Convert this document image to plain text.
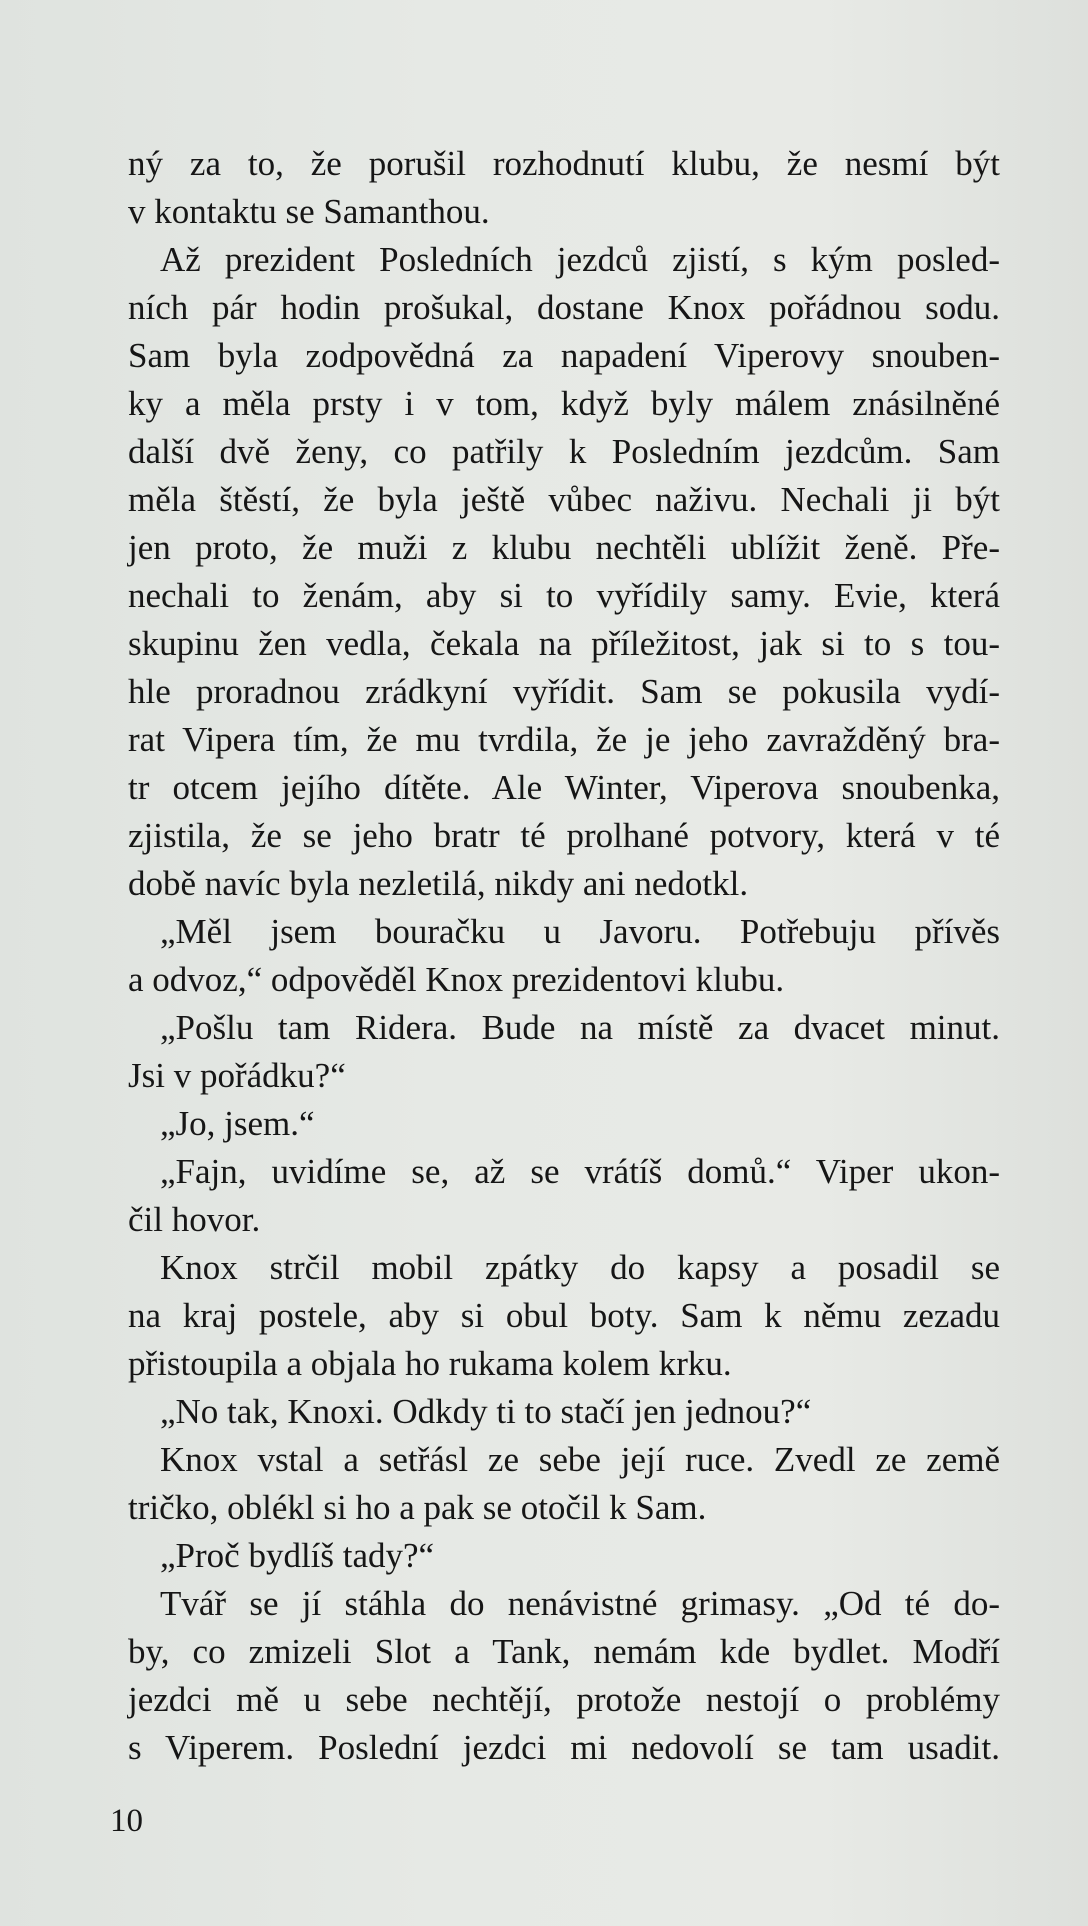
ný za to, že porušil rozhodnutí klubu, že nesmí být
v kontaktu se Samanthou.
Až prezident Posledních jezdců zjistí, s kým posled-
ních pár hodin prošukal, dostane Knox pořádnou sodu.
Sam byla zodpovědná za napadení Viperovy snouben-
ky a měla prsty i v tom, když byly málem znásilněné
další dvě ženy, co patřily k Posledním jezdcům. Sam
měla štěstí, že byla ještě vůbec naživu. Nechali ji být
jen proto, že muži z klubu nechtěli ublížit ženě. Pře-
nechali to ženám, aby si to vyřídily samy. Evie, která
skupinu žen vedla, čekala na příležitost, jak si to s tou-
hle proradnou zrádkyní vyřídit. Sam se pokusila vydí-
rat Vipera tím, že mu tvrdila, že je jeho zavražděný bra-
tr otcem jejího dítěte. Ale Winter, Viperova snoubenka,
zjistila, že se jeho bratr té prolhané potvory, která v té
době navíc byla nezletilá, nikdy ani nedotkl.
„Měl jsem bouračku u Javoru. Potřebuju přívěs
a odvoz,“ odpověděl Knox prezidentovi klubu.
„Pošlu tam Ridera. Bude na místě za dvacet minut.
Jsi v pořádku?“
„Jo, jsem.“
„Fajn, uvidíme se, až se vrátíš domů.“ Viper ukon-
čil hovor.
Knox strčil mobil zpátky do kapsy a posadil se
na kraj postele, aby si obul boty. Sam k němu zezadu
přistoupila a objala ho rukama kolem krku.
„No tak, Knoxi. Odkdy ti to stačí jen jednou?“
Knox vstal a setřásl ze sebe její ruce. Zvedl ze země
tričko, oblékl si ho a pak se otočil k Sam.
„Proč bydlíš tady?“
Tvář se jí stáhla do nenávistné grimasy. „Od té do-
by, co zmizeli Slot a Tank, nemám kde bydlet. Modří
jezdci mě u sebe nechtějí, protože nestojí o problémy
s Viperem. Poslední jezdci mi nedovolí se tam usadit.
10
